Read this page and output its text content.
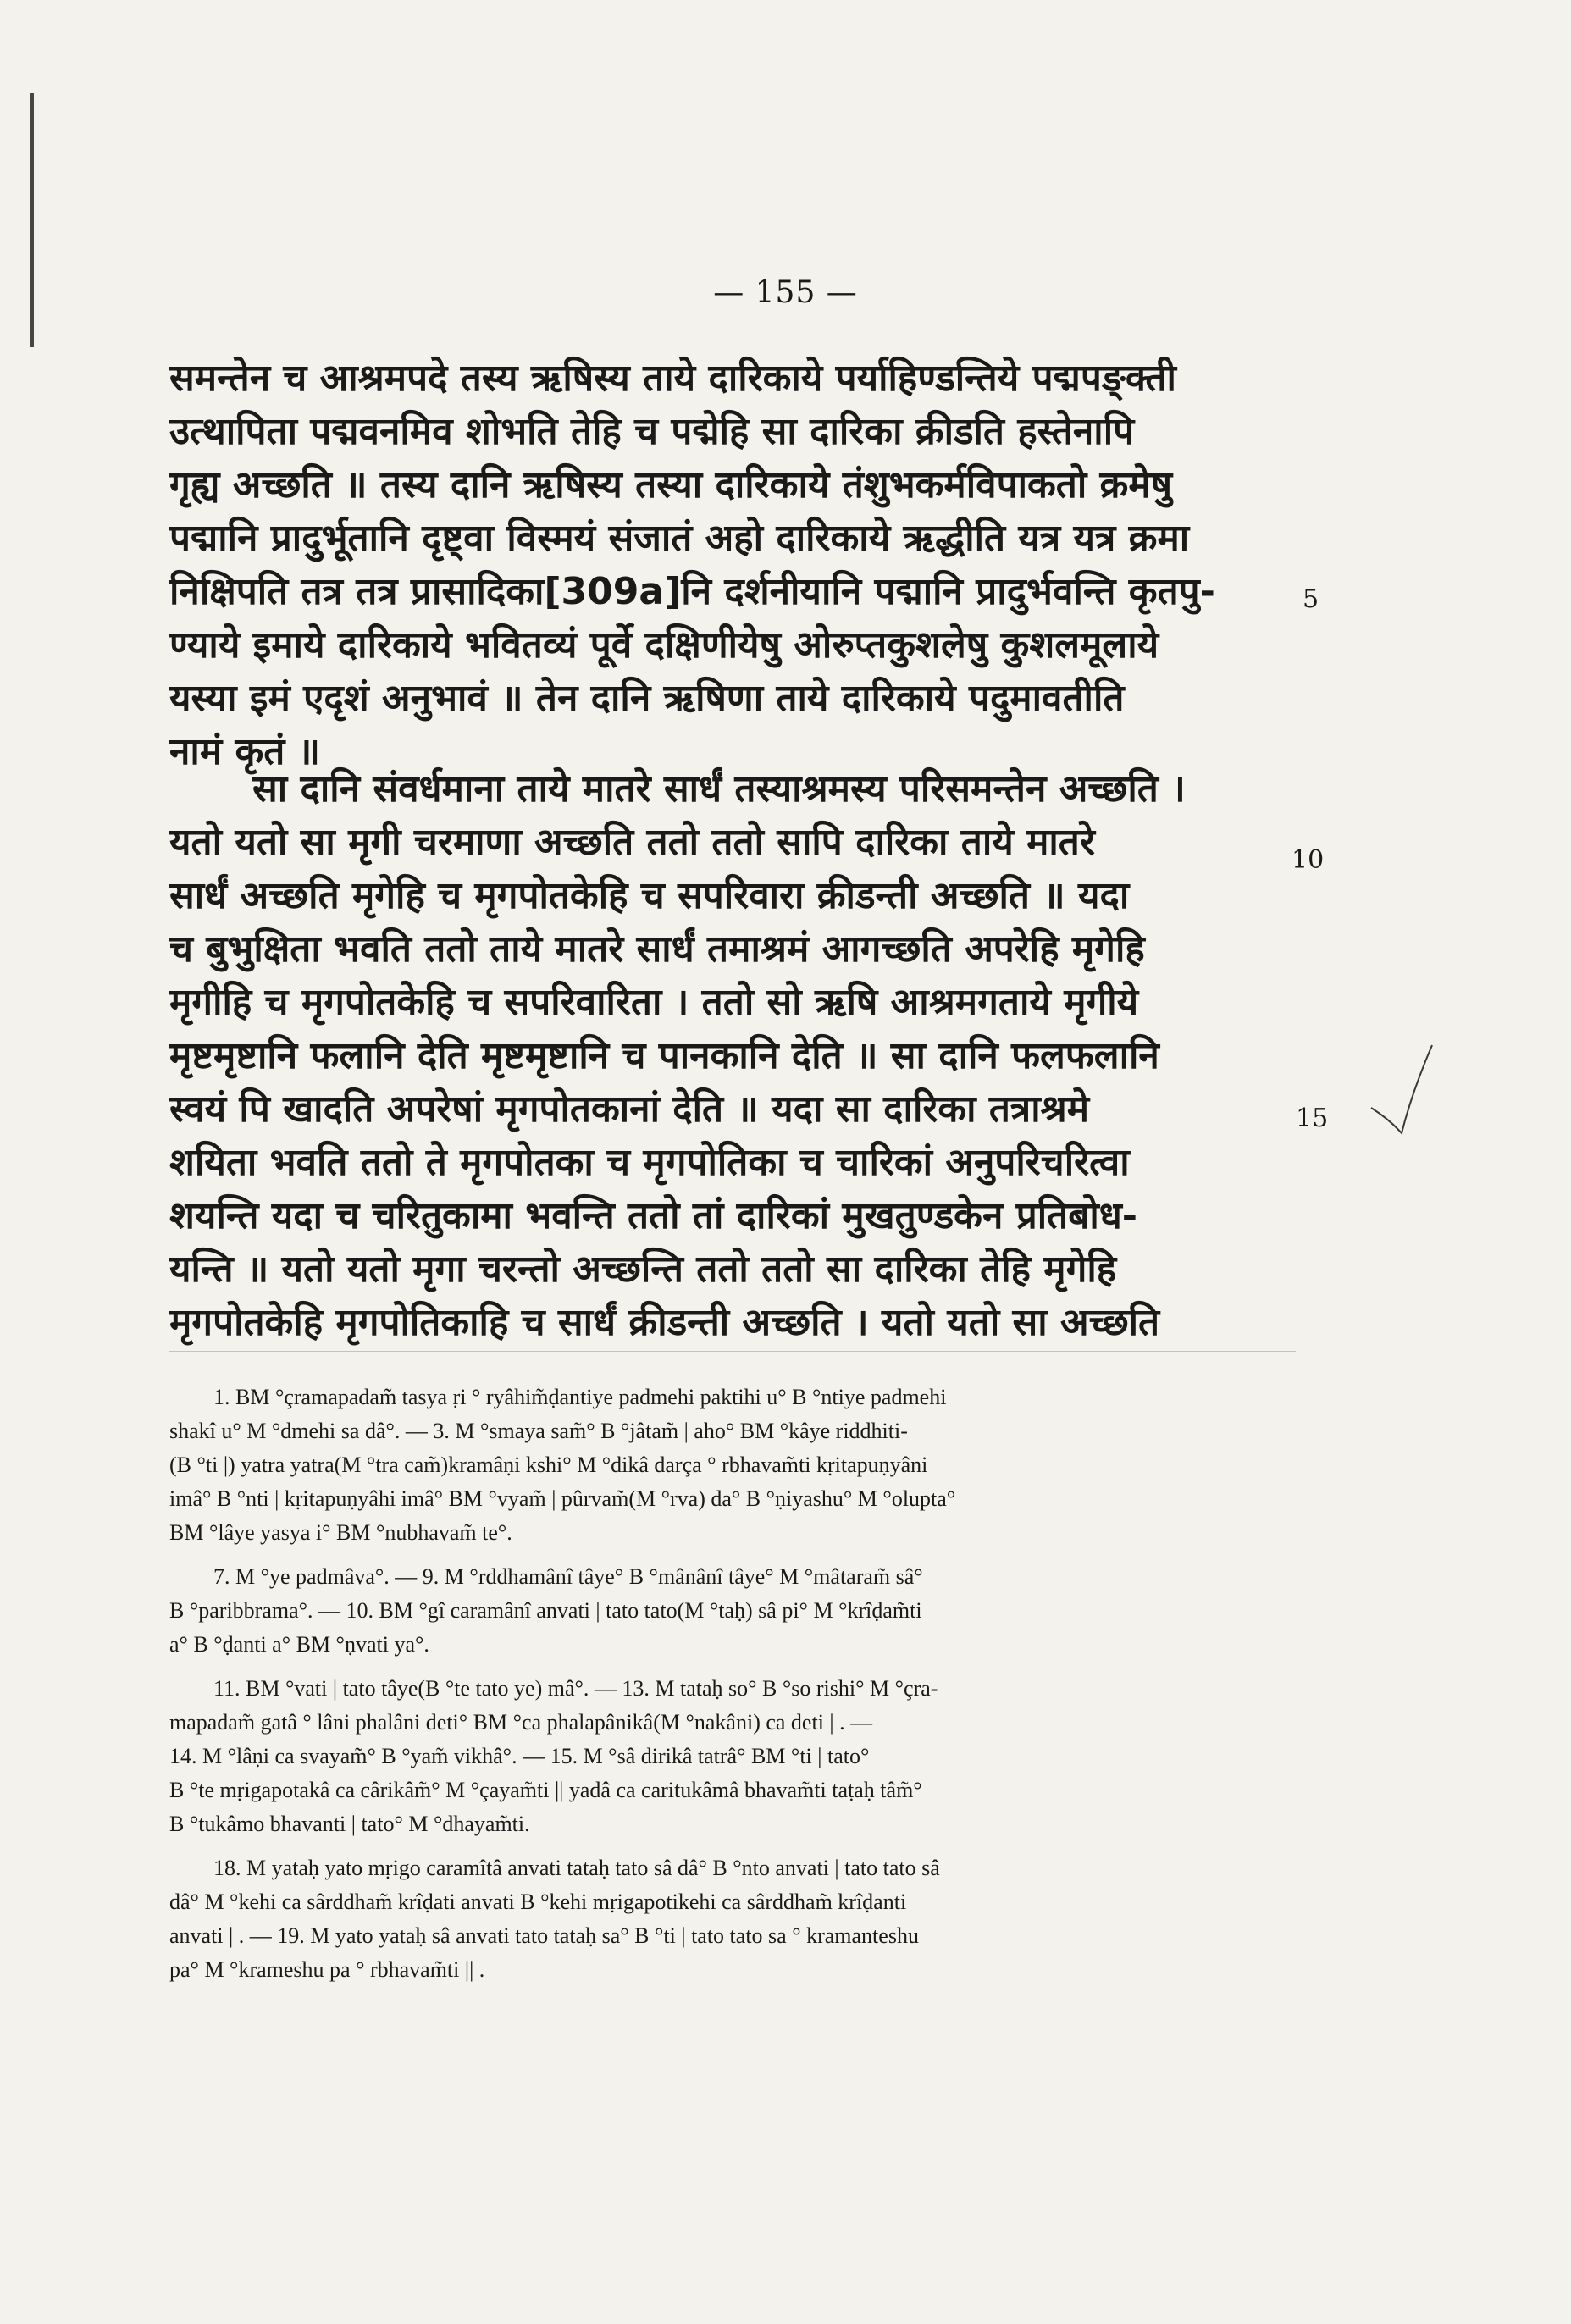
— 155 —
समन्तेन च आश्रमपदे तस्य ऋषिस्य ताये दारिकाये पर्याहिण्डन्तिये पद्मपङ्क्ती
उत्थापिता पद्मवनमिव शोभति तेहि च पद्मेहि सा दारिका क्रीडति हस्तेनापि
गृह्य अच्छति ॥ तस्य दानि ऋषिस्य तस्या दारिकाये तंशुभकर्मविपाकतो क्रमेषु
पद्मानि प्रादुर्भूतानि दृष्ट्वा विस्मयं संजातं अहो दारिकाये ऋद्धीति यत्र यत्र क्रमा
निक्षिपति तत्र तत्र प्रासादिका[309a]नि दर्शनीयानि पद्मानि प्रादुर्भवन्ति कृतपु-
ण्याये इमाये दारिकाये भवितव्यं पूर्वे दक्षिणीयेषु ओरुप्तकुशलेषु कुशलमूलाये
यस्या इमं एदृशं अनुभावं ॥ तेन दानि ऋषिणा ताये दारिकाये पदुमावतीति
नामं कृतं ॥
सा दानि संवर्धमाना ताये मातरे सार्धं तस्याश्रमस्य परिसमन्तेन अच्छति ।
यतो यतो सा मृगी चरमाणा अच्छति ततो ततो सापि दारिका ताये मातरे
सार्धं अच्छति मृगेहि च मृगपोतकेहि च सपरिवारा क्रीडन्ती अच्छति ॥ यदा
च बुभुक्षिता भवति ततो ताये मातरे सार्धं तमाश्रमं आगच्छति अपरेहि मृगेहि
मृगीहि च मृगपोतकेहि च सपरिवारिता । ततो सो ऋषि आश्रमगताये मृगीये
मृष्टमृष्टानि फलानि देति मृष्टमृष्टानि च पानकानि देति ॥ सा दानि फलफलानि
स्वयं पि खादति अपरेषां मृगपोतकानां देति ॥ यदा सा दारिका तत्राश्रमे
शयिता भवति ततो ते मृगपोतका च मृगपोतिका च चारिकां अनुपरिचरित्वा
शयन्ति यदा च चरितुकामा भवन्ति ततो तां दारिकां मुखतुण्डकेन प्रतिबोध-
यन्ति ॥ यतो यतो मृगा चरन्तो अच्छन्ति ततो ततो सा दारिका तेहि मृगेहि
मृगपोतकेहि मृगपोतिकाहि च सार्धं क्रीडन्ती अच्छति । यतो यतो सा अच्छति
5
10
15
1. BM °çramapadam̃ tasya ṛi ° ryâhim̃ḍantiye padmehi paktihi u° B °ntiye padmehi
shakî u° M °dmehi sa dâ°. — 3. M °smaya sam̃° B °jâtam̃ | aho° BM °kâye riddhiti-
(B °ti |) yatra yatra(M °tra cam̃)kramâṇi kshi° M °dikâ darça ° rbhavam̃ti kṛitapuṇyâni
imâ° B °nti | kṛitapuṇyâhi imâ° BM °vyam̃ | pûrvam̃(M °rva) da° B °ṇiyashu° M °olupta°
BM °lâye yasya i° BM °nubhavam̃ te°.
7. M °ye padmâva°. — 9. M °rddhamânî tâye° B °mânânî tâye° M °mâtaram̃ sâ°
B °paribbrama°. — 10. BM °gî caramânî anvati | tato tato(M °taḥ) sâ pi° M °krîḍam̃ti
a° B °ḍanti a° BM °ṇvati ya°.
11. BM °vati | tato tâye(B °te tato ye) mâ°. — 13. M tataḥ so° B °so rishi° M °çra-
mapadam̃ gatâ ° lâni phalâni deti° BM °ca phalapânikâ(M °nakâni) ca deti | . —
14. M °lâṇi ca svayam̃° B °yam̃ vikhâ°. — 15. M °sâ dirikâ tatrâ° BM °ti | tato°
B °te mṛigapotakâ ca cârikâm̃° M °çayam̃ti || yadâ ca caritukâmâ bhavam̃ti taṭaḥ tâm̃°
B °tukâmo bhavanti | tato° M °dhayam̃ti.
18. M yataḥ yato mṛigo caramîtâ anvati tataḥ tato sâ dâ° B °nto anvati | tato tato sâ
dâ° M °kehi ca sârddham̃ krîḍati anvati B °kehi mṛigapotikehi ca sârddham̃ krîḍanti
anvati | . — 19. M yato yataḥ sâ anvati tato tataḥ sa° B °ti | tato tato sa ° kramanteshu
pa° M °krameshu pa ° rbhavam̃ti || .
